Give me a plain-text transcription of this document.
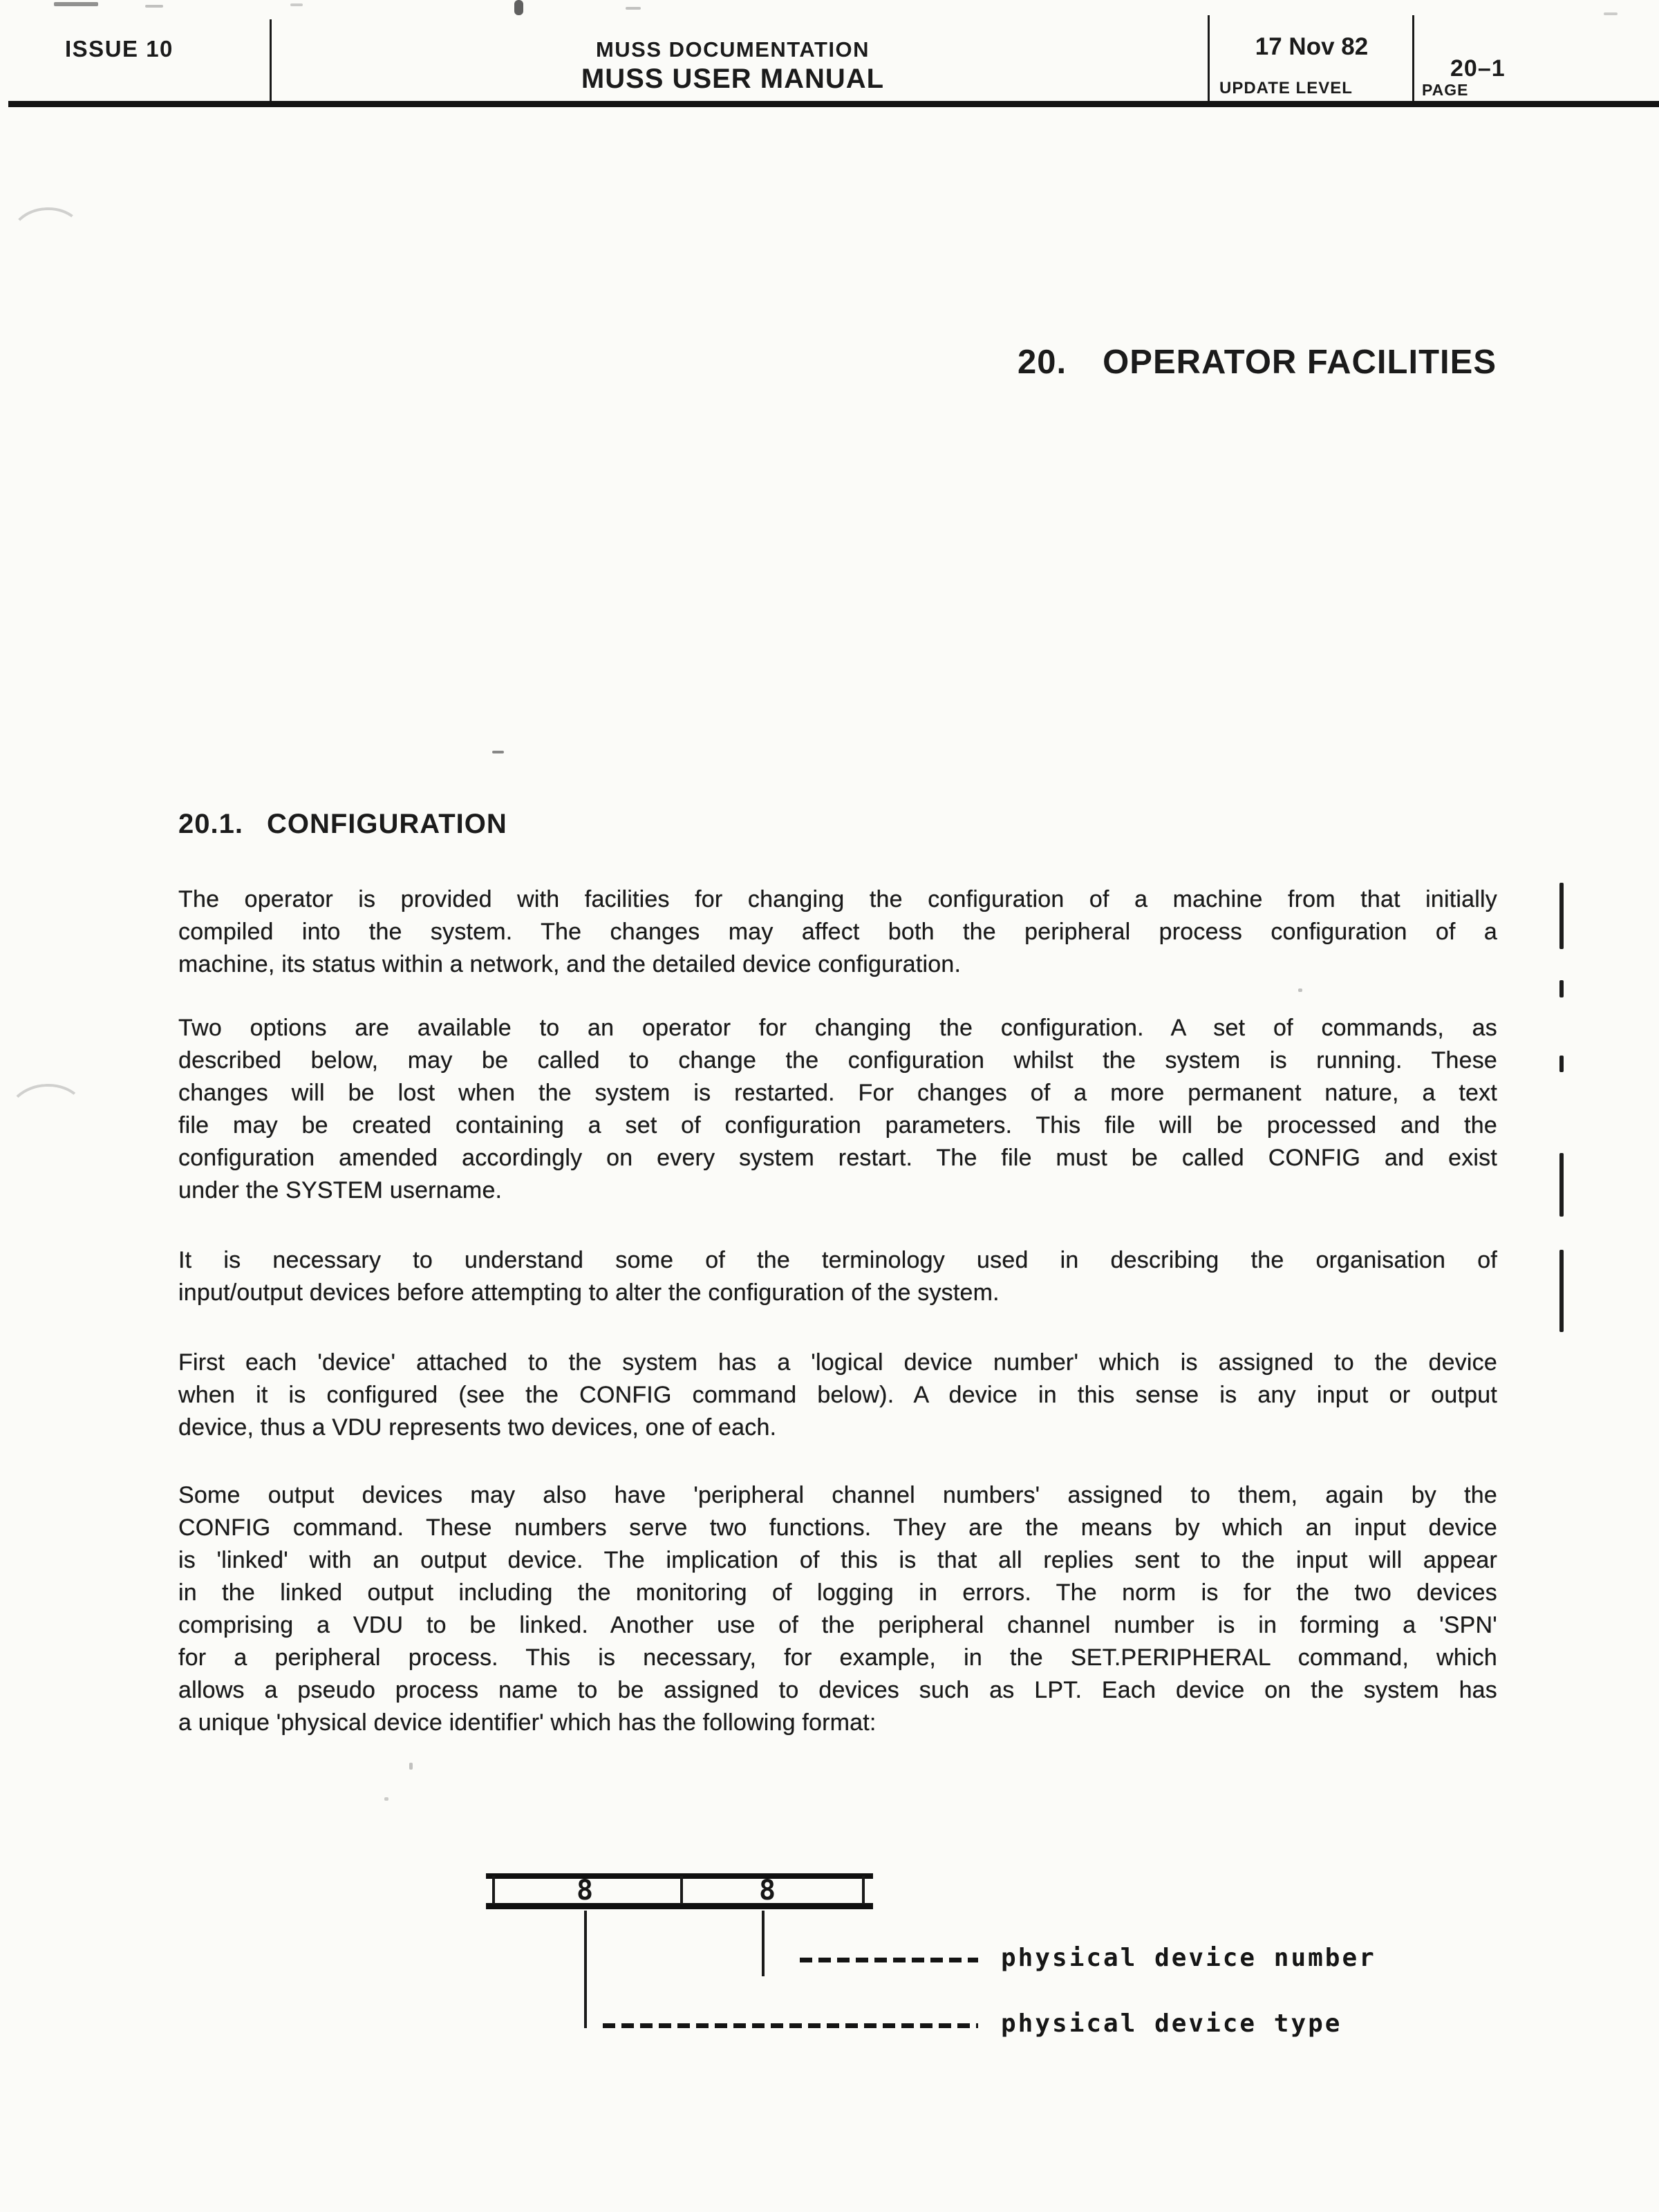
ISSUE 10	MUSS DOCUMENTATION
MUSS USER MANUAL
17 Nov 82
UPDATE LEVEL
20–1
PAGE
20. OPERATOR FACILITIES
20.1. CONFIGURATION
The operator is provided with facilities for changing the configuration of a machine from that initially
compiled into the system. The changes may affect both the peripheral process configuration of a
machine, its status within a network, and the detailed device configuration.
Two options are available to an operator for changing the configuration. A set of commands, as
described below, may be called to change the configuration whilst the system is running. These
changes will be lost when the system is restarted. For changes of a more permanent nature, a text
file may be created containing a set of configuration parameters. This file will be processed and the
configuration amended accordingly on every system restart. The file must be called CONFIG and exist
under the SYSTEM username.
It is necessary to understand some of the terminology used in describing the organisation of
input/output devices before attempting to alter the configuration of the system.
First each 'device' attached to the system has a 'logical device number' which is assigned to the device
when it is configured (see the CONFIG command below). A device in this sense is any input or output
device, thus a VDU represents two devices, one of each.
Some output devices may also have 'peripheral channel numbers' assigned to them, again by the
CONFIG command. These numbers serve two functions. They are the means by which an input device
is 'linked' with an output device. The implication of this is that all replies sent to the input will appear
in the linked output including the monitoring of logging in errors. The norm is for the two devices
comprising a VDU to be linked. Another use of the peripheral channel number is in forming a 'SPN'
for a peripheral process. This is necessary, for example, in the SET.PERIPHERAL command, which
allows a pseudo process name to be assigned to devices such as LPT. Each device on the system has
a unique 'physical device identifier' which has the following format:
8	8
physical device number
physical device type
